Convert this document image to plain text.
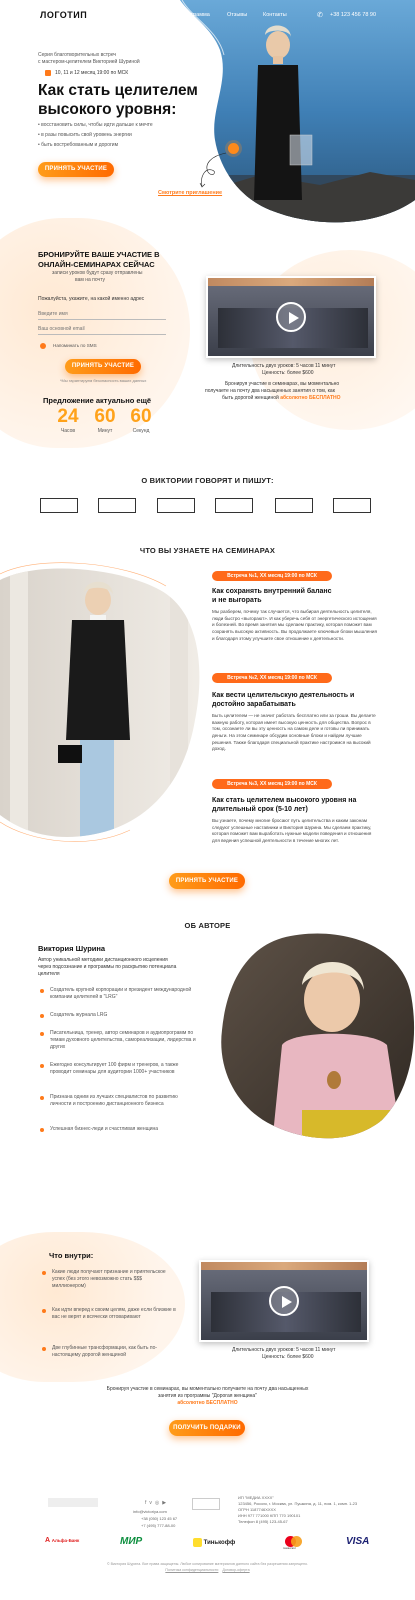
ЛОГОТИП	Вебинар	Программа	Отзывы	Контакты	✆ +38 123 456 78 90
Серия благотворительных встреч
с мастером-целителем Викторией Шуриной
10, 11 и 12 месяц 19:00 по МСК
Как стать целителем
высокого уровня:
• восстановить силы, чтобы идти дальше к мечте
• в разы повысить свой уровень энергии
• быть востребованным и дорогим
ПРИНЯТЬ УЧАСТИЕ
Смотрите приглашение
БРОНИРУЙТЕ ВАШЕ УЧАСТИЕ В
ОНЛАЙН-СЕМИНАРАХ СЕЙЧАС
записи уроков будут сразу отправлены
вам на почту
Пожалуйста, укажите, на какой именно адрес
Введите имя
Ваш основной email
Напоминать по SMS
ПРИНЯТЬ УЧАСТИЕ
*Мы гарантируем безопасность ваших данных
Предложение актуально ещё
24
Часов
60
Минут
60
Секунд
Длительность двух уроков: 5 часов 11 минут
Ценность: более $600
Бронируя участие в семинарах, вы моментально
получаете на почту два насыщенных занятия о том, как
быть дорогой женщиной абсолютно БЕСПЛАТНО
О ВИКТОРИИ ГОВОРЯТ И ПИШУТ:
ЧТО ВЫ УЗНАЕТЕ НА СЕМИНАРАХ
Встреча №1, XX месяц 19:00 по МСК
Как сохранять внутренний баланс
и не выгорать
Мы разберем, почему так случается, что выбирая деятельность целителя, люди быстро «выгорают». И как уберечь себя от энергетического истощения и болезней. Во время занятия мы сделаем практику, которая поможет вам сохранять высокую активность. Вы продолжаете ключевые блоки мышления и благодаря этому улучшите свое отношение к деятельности.
Встреча №2, XX месяц 19:00 по МСК
Как вести целительскую деятельность и
достойно зарабатывать
Быть целителем — не значит работать бесплатно или за гроши. Вы делаете важную работу, которая имеет высокую ценность для общества. Вопрос в том, осознаете ли вы эту ценность на самом деле и готовы ли принимать деньги. На этом семинаре обсудим основные блоки и найдем лучшие решения. Также благодаря специальной практике настроимся на высокий доход.
Встреча №3, XX месяц 19:00 по МСК
Как стать целителем высокого уровня на
длительный срок (5-10 лет)
Вы узнаете, почему многие бросают путь целительства и каким законам следуют успешные наставники и Виктория Шурина. Мы сделаем практику, которая поможет вам выработать нужные модели поведения и отношения для ведения успешной деятельности в течение многих лет.
ПРИНЯТЬ УЧАСТИЕ
ОБ АВТОРЕ
Виктория Шурина
Автор уникальной методики дистанционного исцеления через подсознание и программы по раскрытию потенциала целителя
Создатель крупной корпорации и президент международной компании целителей в "LRG"
Создатель журнала LRG
Писательница, тренер, автор семинаров и аудиопрограмм по темам духовного целительства, самореализации, лидерства и других
Ежегодно консультирует 100 фирм и тренеров, а также проводит семинары для аудитории 1000+ участников
Признана одним из лучших специалистов по развитию личности и построению дистанционного бизнеса
Успешная бизнес-леди и счастливая женщина
Что внутри:
Какие люди получают признание и приятельское успех (без этого невозможно стать $$$ миллионером)
Как идти вперед к своим целям, даже если близкие в вас не верят и всячески отговаривают
Две глубинные трансформации, как быть по-настоящему дорогой женщиной
Длительность двух уроков: 5 часов 11 минут
Ценность: более $600
Бронируя участие в семинарах, вы моментально получаете на почту два насыщенных
занятия из программы "Дорогая женщина"
абсолютно БЕСПЛАТНО
ПОЛУЧИТЬ ПОДАРКИ
fv◎▶
info@victoriya.com
+38 (050) 123 45 67
+7 (495) 777-88-00
ИП "МЕДИА XXXX"
123456, Россия, г. Москва, ул. Пушкина, д. 11, пом. 1, комн. 1-23
ОГРН 1187746XXXX
ИНН 977 771000 КПП 770 190101
Телефон 8 (495) 123-45-67
A Альфа-Банк	МИР	Тинькофф
mastercard
VISA
© Виктория Шурина. Все права защищены. Любое копирование материалов данного сайта без разрешения запрещено.
Политика конфиденциальности Договор-оферта
